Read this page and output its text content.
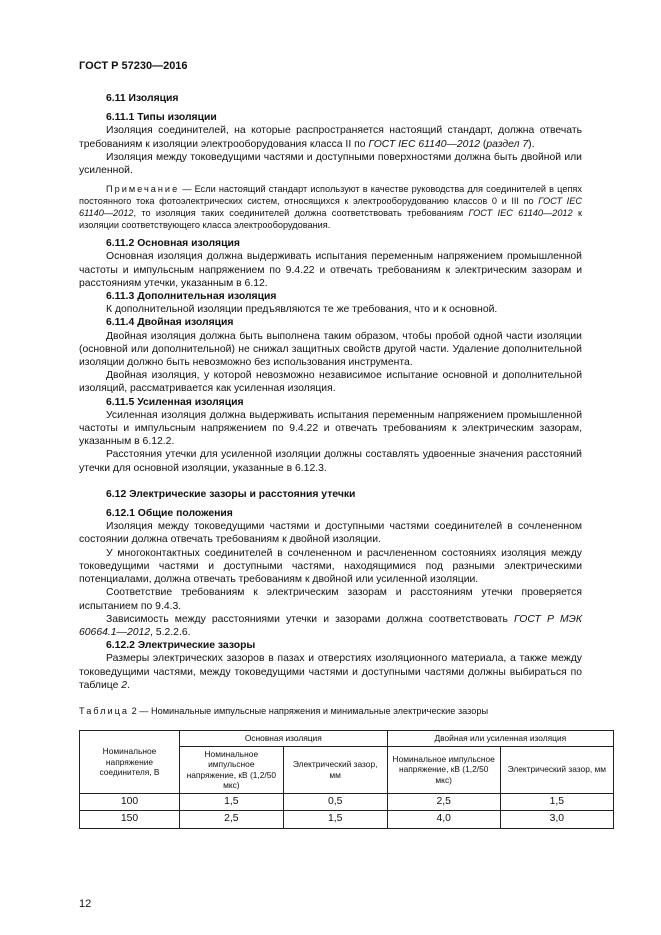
ГОСТ Р 57230—2016
6.11 Изоляция
6.11.1 Типы изоляции

Изоляция соединителей, на которые распространяется настоящий стандарт, должна отвечать требованиям к изоляции электрооборудования класса II по ГОСТ IEC 61140—2012 (раздел 7).

Изоляция между токоведущими частями и доступными поверхностями должна быть двойной или усиленной.

Примечание — Если настоящий стандарт используют в качестве руководства для соединителей в цепях постоянного тока фотоэлектрических систем, относящихся к электрооборудованию классов 0 и III по ГОСТ IEC 61140—2012, то изоляция таких соединителей должна соответствовать требованиям ГОСТ IEC 61140—2012 к изоляции соответствующего класса электрооборудования.

6.11.2 Основная изоляция

Основная изоляция должна выдерживать испытания переменным напряжением промышленной частоты и импульсным напряжением по 9.4.22 и отвечать требованиям к электрическим зазорам и расстояниям утечки, указанным в 6.12.

6.11.3 Дополнительная изоляция

К дополнительной изоляции предъявляются те же требования, что и к основной.

6.11.4 Двойная изоляция

Двойная изоляция должна быть выполнена таким образом, чтобы пробой одной части изоляции (основной или дополнительной) не снижал защитных свойств другой части. Удаление дополнительной изоляции должно быть невозможно без использования инструмента.

Двойная изоляция, у которой невозможно независимое испытание основной и дополнительной изоляций, рассматривается как усиленная изоляция.

6.11.5 Усиленная изоляция

Усиленная изоляция должна выдерживать испытания переменным напряжением промышленной частоты и импульсным напряжением по 9.4.22 и отвечать требованиям к электрическим зазорам, указанным в 6.12.2.

Расстояния утечки для усиленной изоляции должны составлять удвоенные значения расстояний утечки для основной изоляции, указанные в 6.12.3.

6.12 Электрические зазоры и расстояния утечки
6.12.1 Общие положения

Изоляция между токоведущими частями и доступными частями соединителей в сочлененном состоянии должна отвечать требованиям к двойной изоляции.

У многоконтактных соединителей в сочлененном и расчлененном состояниях изоляция между токоведущими частями и доступными частями, находящимися под разными электрическими потенциалами, должна отвечать требованиям к двойной или усиленной изоляции.

Соответствие требованиям к электрическим зазорам и расстояниям утечки проверяется испытанием по 9.4.3.

Зависимость между расстояниями утечки и зазорами должна соответствовать ГОСТ Р МЭК 60664.1—2012, 5.2.2.6.

6.12.2 Электрические зазоры

Размеры электрических зазоров в пазах и отверстиях изоляционного материала, а также между токоведущими частями, между токоведущими частями и доступными частями должны выбираться по таблице 2.

Таблица 2 — Номинальные импульсные напряжения и минимальные электрические зазоры

Номинальное напряжение соединителя, В	Основная изоляция		Двойная или усиленная изоляция	
	Номинальное импульсное напряжение, кВ (1,2/50 мкс)	Электрический зазор, мм	Номинальное импульсное напряжение, кВ (1,2/50 мкс)	Электрический зазор, мм
100	1,5	0,5	2,5	1,5
150	2,5	1,5	4,0	3,0
12
